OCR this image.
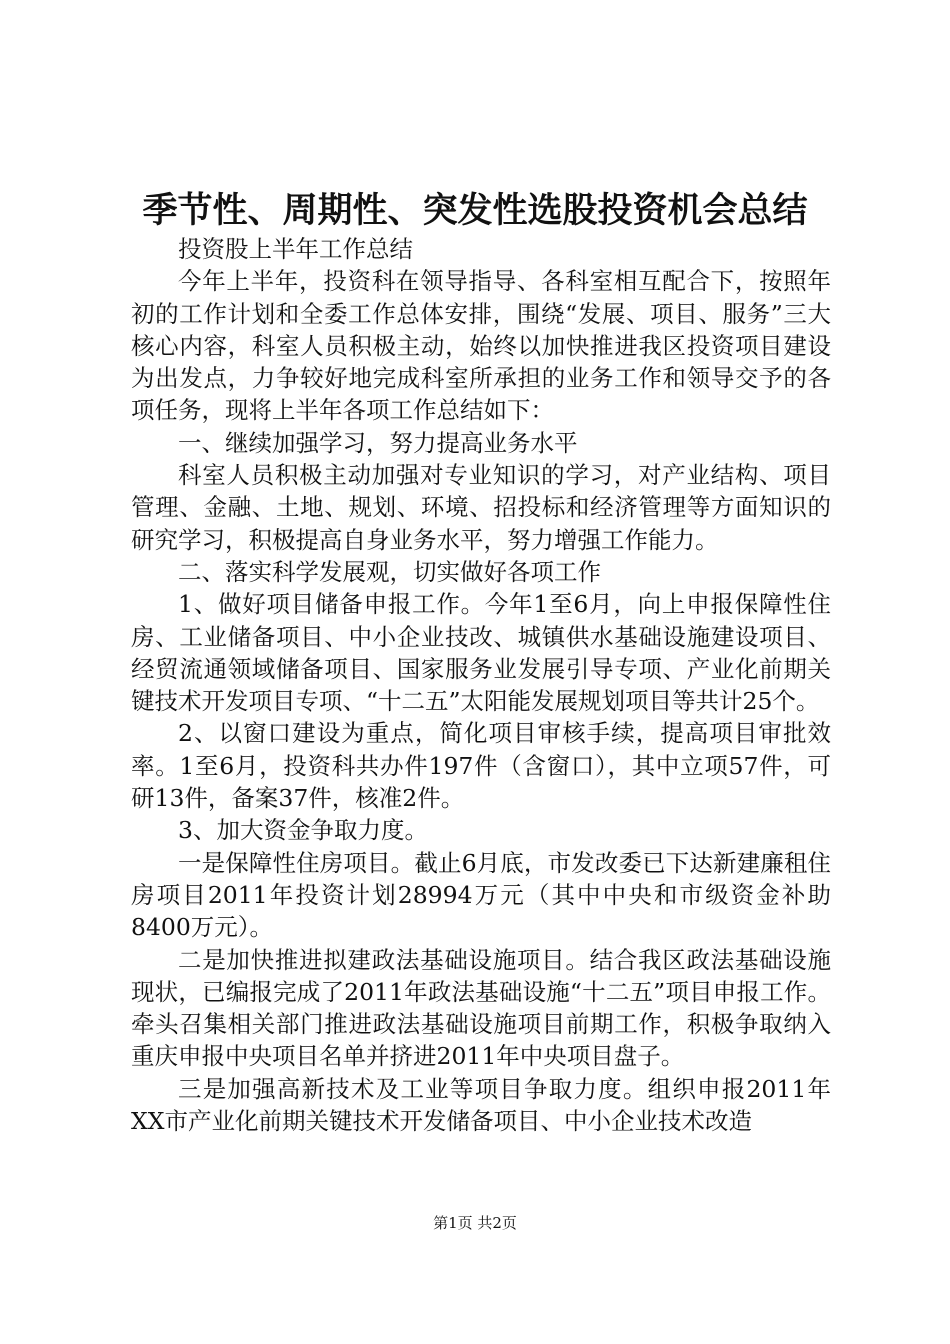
季节性、周期性、突发性选股投资机会总结

投资股上半年工作总结

今年上半年，投资科在领导指导、各科室相互配合下，按照年初的工作计划和全委工作总体安排，围绕“发展、项目、服务”三大核心内容，科室人员积极主动，始终以加快推进我区投资项目建设为出发点，力争较好地完成科室所承担的业务工作和领导交予的各项任务，现将上半年各项工作总结如下：

一、继续加强学习，努力提高业务水平

科室人员积极主动加强对专业知识的学习，对产业结构、项目管理、金融、土地、规划、环境、招投标和经济管理等方面知识的研究学习，积极提高自身业务水平，努力增强工作能力。

二、落实科学发展观，切实做好各项工作

1、做好项目储备申报工作。今年1至6月，向上申报保障性住房、工业储备项目、中小企业技改、城镇供水基础设施建设项目、经贸流通领域储备项目、国家服务业发展引导专项、产业化前期关键技术开发项目专项、“十二五”太阳能发展规划项目等共计25个。

2、以窗口建设为重点，简化项目审核手续，提高项目审批效率。1至6月，投资科共办件197件（含窗口），其中立项57件，可研13件，备案37件，核准2件。

3、加大资金争取力度。

一是保障性住房项目。截止6月底，市发改委已下达新建廉租住房项目2011年投资计划28994万元（其中中央和市级资金补助8400万元）。

二是加快推进拟建政法基础设施项目。结合我区政法基础设施现状，已编报完成了2011年政法基础设施“十二五”项目申报工作。牵头召集相关部门推进政法基础设施项目前期工作，积极争取纳入重庆申报中央项目名单并挤进2011年中央项目盘子。

三是加强高新技术及工业等项目争取力度。组织申报2011年XX市产业化前期关键技术开发储备项目、中小企业技术改造

第1页 共2页
